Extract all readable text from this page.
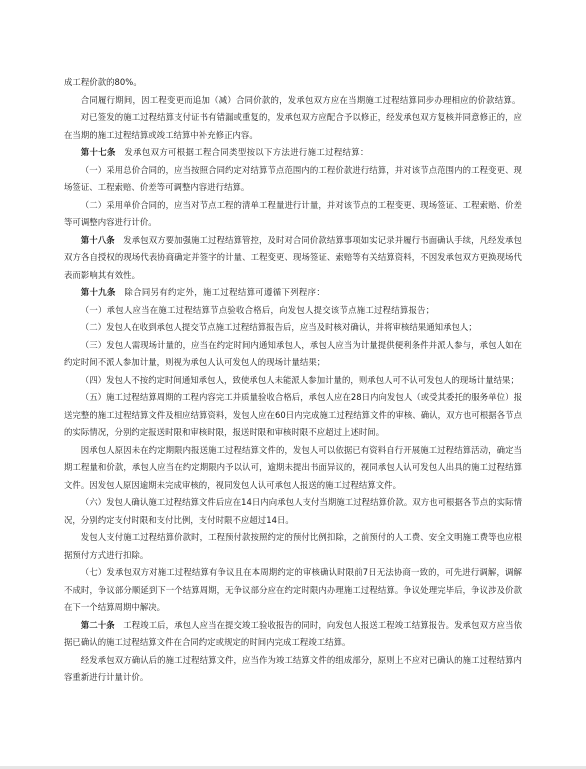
成工程价款的80%。

合同履行期间，因工程变更而追加（减）合同价款的，发承包双方应在当期施工过程结算同步办理相应的价款结算。

对已签发的施工过程结算支付证书有错漏或重复的，发承包双方应配合予以修正，经发承包双方复核并同意修正的，应在当期的施工过程结算或竣工结算中补充修正内容。

第十七条　发承包双方可根据工程合同类型按以下方法进行施工过程结算：

（一）采用总价合同的，应当按照合同约定对结算节点范围内的工程价款进行结算，并对该节点范围内的工程变更、现场签证、工程索赔、价差等可调整内容进行结算。

（二）采用单价合同的，应当对节点工程的清单工程量进行计量，并对该节点的工程变更、现场签证、工程索赔、价差等可调整内容进行计价。

第十八条　发承包双方要加强施工过程结算管控，及时对合同价款结算事项如实记录并履行书面确认手续，凡经发承包双方各自授权的现场代表协商确定并签字的计量、工程变更、现场签证、索赔等有关结算资料，不因发承包双方更换现场代表而影响其有效性。

第十九条　除合同另有约定外，施工过程结算可遵循下列程序：

（一）承包人应当在施工过程结算节点验收合格后，向发包人提交该节点施工过程结算报告；

（二）发包人在收到承包人提交节点施工过程结算报告后，应当及时核对确认，并将审核结果通知承包人；

（三）发包人需现场计量的，应当在约定时间内通知承包人，承包人应当为计量提供便利条件并派人参与，承包人如在约定时间不派人参加计量，则视为承包人认可发包人的现场计量结果；

（四）发包人不按约定时间通知承包人，致使承包人未能派人参加计量的，则承包人可不认可发包人的现场计量结果；

（五）施工过程结算周期的工程内容完工并质量验收合格后，承包人应在28日内向发包人（或受其委托的服务单位）报送完整的施工过程结算文件及相应结算资料，发包人应在60日内完成施工过程结算文件的审核、确认，双方也可根据各节点的实际情况，分别约定报送时限和审核时限，报送时限和审核时限不应超过上述时间。

因承包人原因未在约定期限内报送施工过程结算文件的，发包人可以依据已有资料自行开展施工过程结算活动，确定当期工程量和价款，承包人应当在约定期限内予以认可，逾期未提出书面异议的，视同承包人认可发包人出具的施工过程结算文件。因发包人原因逾期未完成审核的，视同发包人认可承包人报送的施工过程结算文件。

（六）发包人确认施工过程结算文件后应在14日内向承包人支付当期施工过程结算价款。双方也可根据各节点的实际情况，分别约定支付时限和支付比例，支付时限不应超过14日。

发包人支付施工过程结算价款时，工程预付款按照约定的预付比例扣除，之前预付的人工费、安全文明施工费等也应根据预付方式进行扣除。

（七）发承包双方对施工过程结算有争议且在本周期约定的审核确认时限前7日无法协商一致的，可先进行调解，调解不成时，争议部分顺延到下一个结算周期，无争议部分应在约定时限内办理施工过程结算。争议处理完毕后，争议涉及价款在下一个结算周期中解决。

第二十条　工程竣工后，承包人应当在提交竣工验收报告的同时，向发包人报送工程竣工结算报告。发承包双方应当依据已确认的施工过程结算文件在合同约定或规定的时间内完成工程竣工结算。

经发承包双方确认后的施工过程结算文件，应当作为竣工结算文件的组成部分，原则上不应对已确认的施工过程结算内容重新进行计量计价。
